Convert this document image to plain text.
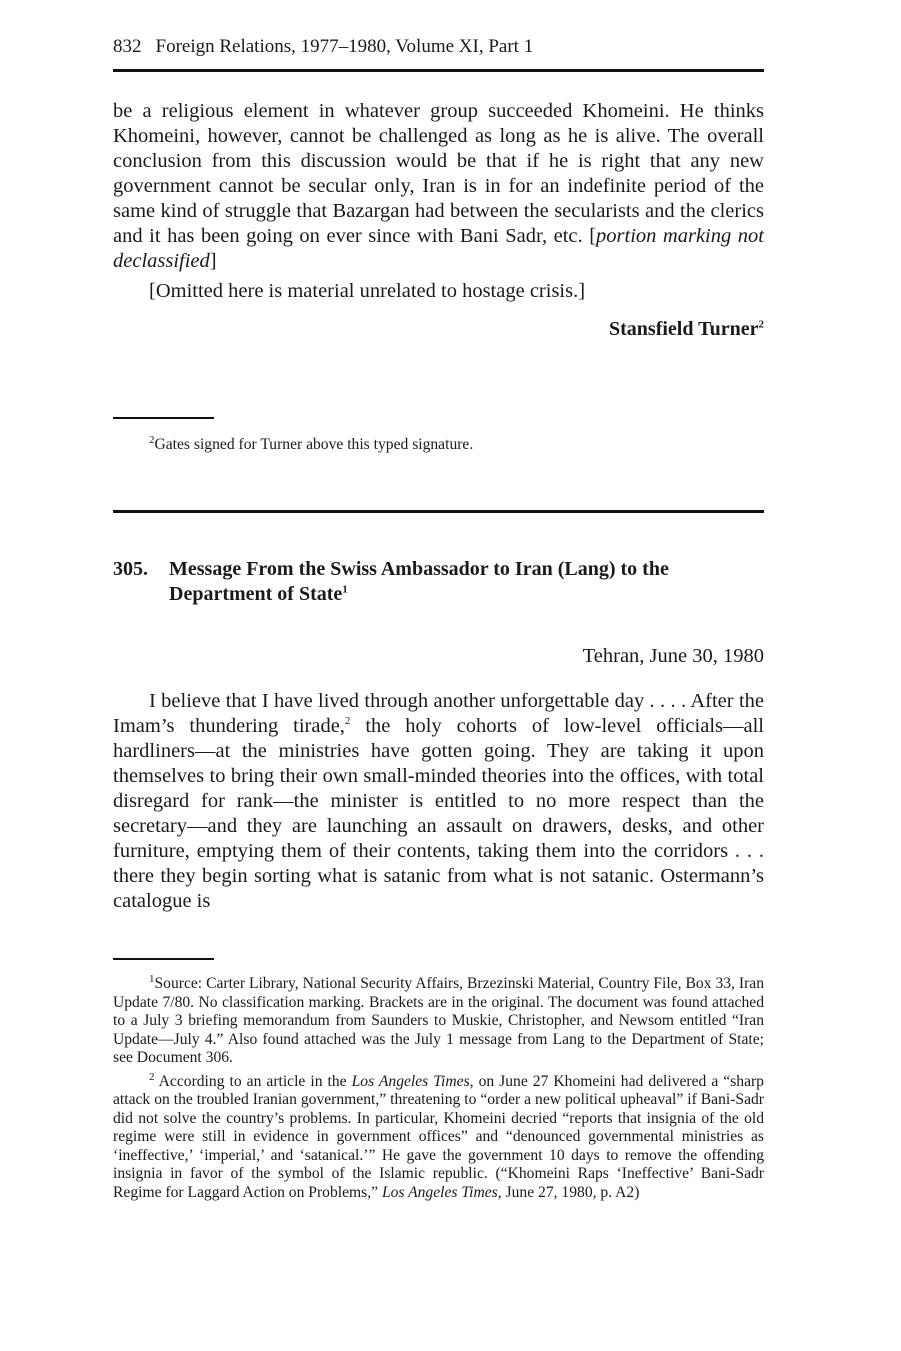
832 Foreign Relations, 1977–1980, Volume XI, Part 1

be a religious element in whatever group succeeded Khomeini. He thinks Khomeini, however, cannot be challenged as long as he is alive. The overall conclusion from this discussion would be that if he is right that any new government cannot be secular only, Iran is in for an indefinite period of the same kind of struggle that Bazargan had between the secularists and the clerics and it has been going on ever since with Bani Sadr, etc. [portion marking not declassified]

[Omitted here is material unrelated to hostage crisis.]

Stansfield Turner$^2$

$^2$Gates signed for Turner above this typed signature.

305. Message From the Swiss Ambassador to Iran (Lang) to the Department of State$^1$
Tehran, June 30, 1980

I believe that I have lived through another unforgettable day . . . . After the Imam’s thundering tirade,$^2$ the holy cohorts of low-level officials—all hardliners—at the ministries have gotten going. They are taking it upon themselves to bring their own small-minded theories into the offices, with total disregard for rank—the minister is entitled to no more respect than the secretary—and they are launching an assault on drawers, desks, and other furniture, emptying them of their contents, taking them into the corridors . . . there they begin sorting what is satanic from what is not satanic. Ostermann’s catalogue is

$^1$Source: Carter Library, National Security Affairs, Brzezinski Material, Country File, Box 33, Iran Update 7/80. No classification marking. Brackets are in the original. The document was found attached to a July 3 briefing memorandum from Saunders to Muskie, Christopher, and Newsom entitled “Iran Update—July 4.” Also found attached was the July 1 message from Lang to the Department of State; see Document 306.

$^2$ According to an article in the Los Angeles Times, on June 27 Khomeini had delivered a “sharp attack on the troubled Iranian government,” threatening to “order a new political upheaval” if Bani-Sadr did not solve the country’s problems. In particular, Khomeini decried “reports that insignia of the old regime were still in evidence in government offices” and “denounced governmental ministries as ‘ineffective,’ ‘imperial,’ and ‘satanical.’” He gave the government 10 days to remove the offending insignia in favor of the symbol of the Islamic republic. (“Khomeini Raps ‘Ineffective’ Bani-Sadr Regime for Laggard Action on Problems,” Los Angeles Times, June 27, 1980, p. A2)
